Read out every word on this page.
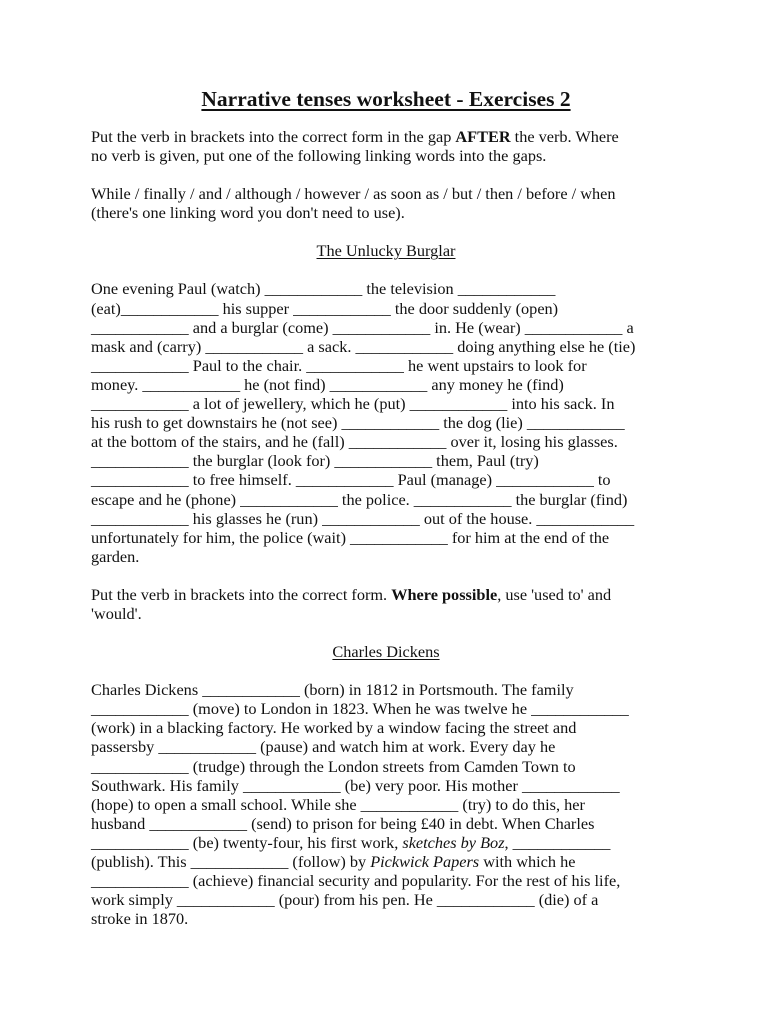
Narrative tenses worksheet - Exercises 2

Put the verb in brackets into the correct form in the gap AFTER the verb. Where
no verb is given, put one of the following linking words into the gaps.

While / finally / and / although / however / as soon as / but / then / before / when
(there's one linking word you don't need to use).

The Unlucky Burglar

One evening Paul (watch) ____________ the television ____________
(eat)____________ his supper ____________ the door suddenly (open)
____________ and a burglar (come) ____________ in. He (wear) ____________ a
mask and (carry) ____________ a sack. ____________ doing anything else he (tie)
____________ Paul to the chair. ____________ he went upstairs to look for
money. ____________ he (not find) ____________ any money he (find)
____________ a lot of jewellery, which he (put) ____________ into his sack. In
his rush to get downstairs he (not see) ____________ the dog (lie) ____________
at the bottom of the stairs, and he (fall) ____________ over it, losing his glasses.
____________ the burglar (look for) ____________ them, Paul (try)
____________ to free himself. ____________ Paul (manage) ____________ to
escape and he (phone) ____________ the police. ____________ the burglar (find)
____________ his glasses he (run) ____________ out of the house. ____________
unfortunately for him, the police (wait) ____________ for him at the end of the
garden.

Put the verb in brackets into the correct form. Where possible, use 'used to' and
'would'.

Charles Dickens

Charles Dickens ____________ (born) in 1812 in Portsmouth. The family
____________ (move) to London in 1823. When he was twelve he ____________
(work) in a blacking factory. He worked by a window facing the street and
passersby ____________ (pause) and watch him at work. Every day he
____________ (trudge) through the London streets from Camden Town to
Southwark. His family ____________ (be) very poor. His mother ____________
(hope) to open a small school. While she ____________ (try) to do this, her
husband ____________ (send) to prison for being £40 in debt. When Charles
____________ (be) twenty-four, his first work, sketches by Boz, ____________
(publish). This ____________ (follow) by Pickwick Papers with which he
____________ (achieve) financial security and popularity. For the rest of his life,
work simply ____________ (pour) from his pen. He ____________ (die) of a
stroke in 1870.
